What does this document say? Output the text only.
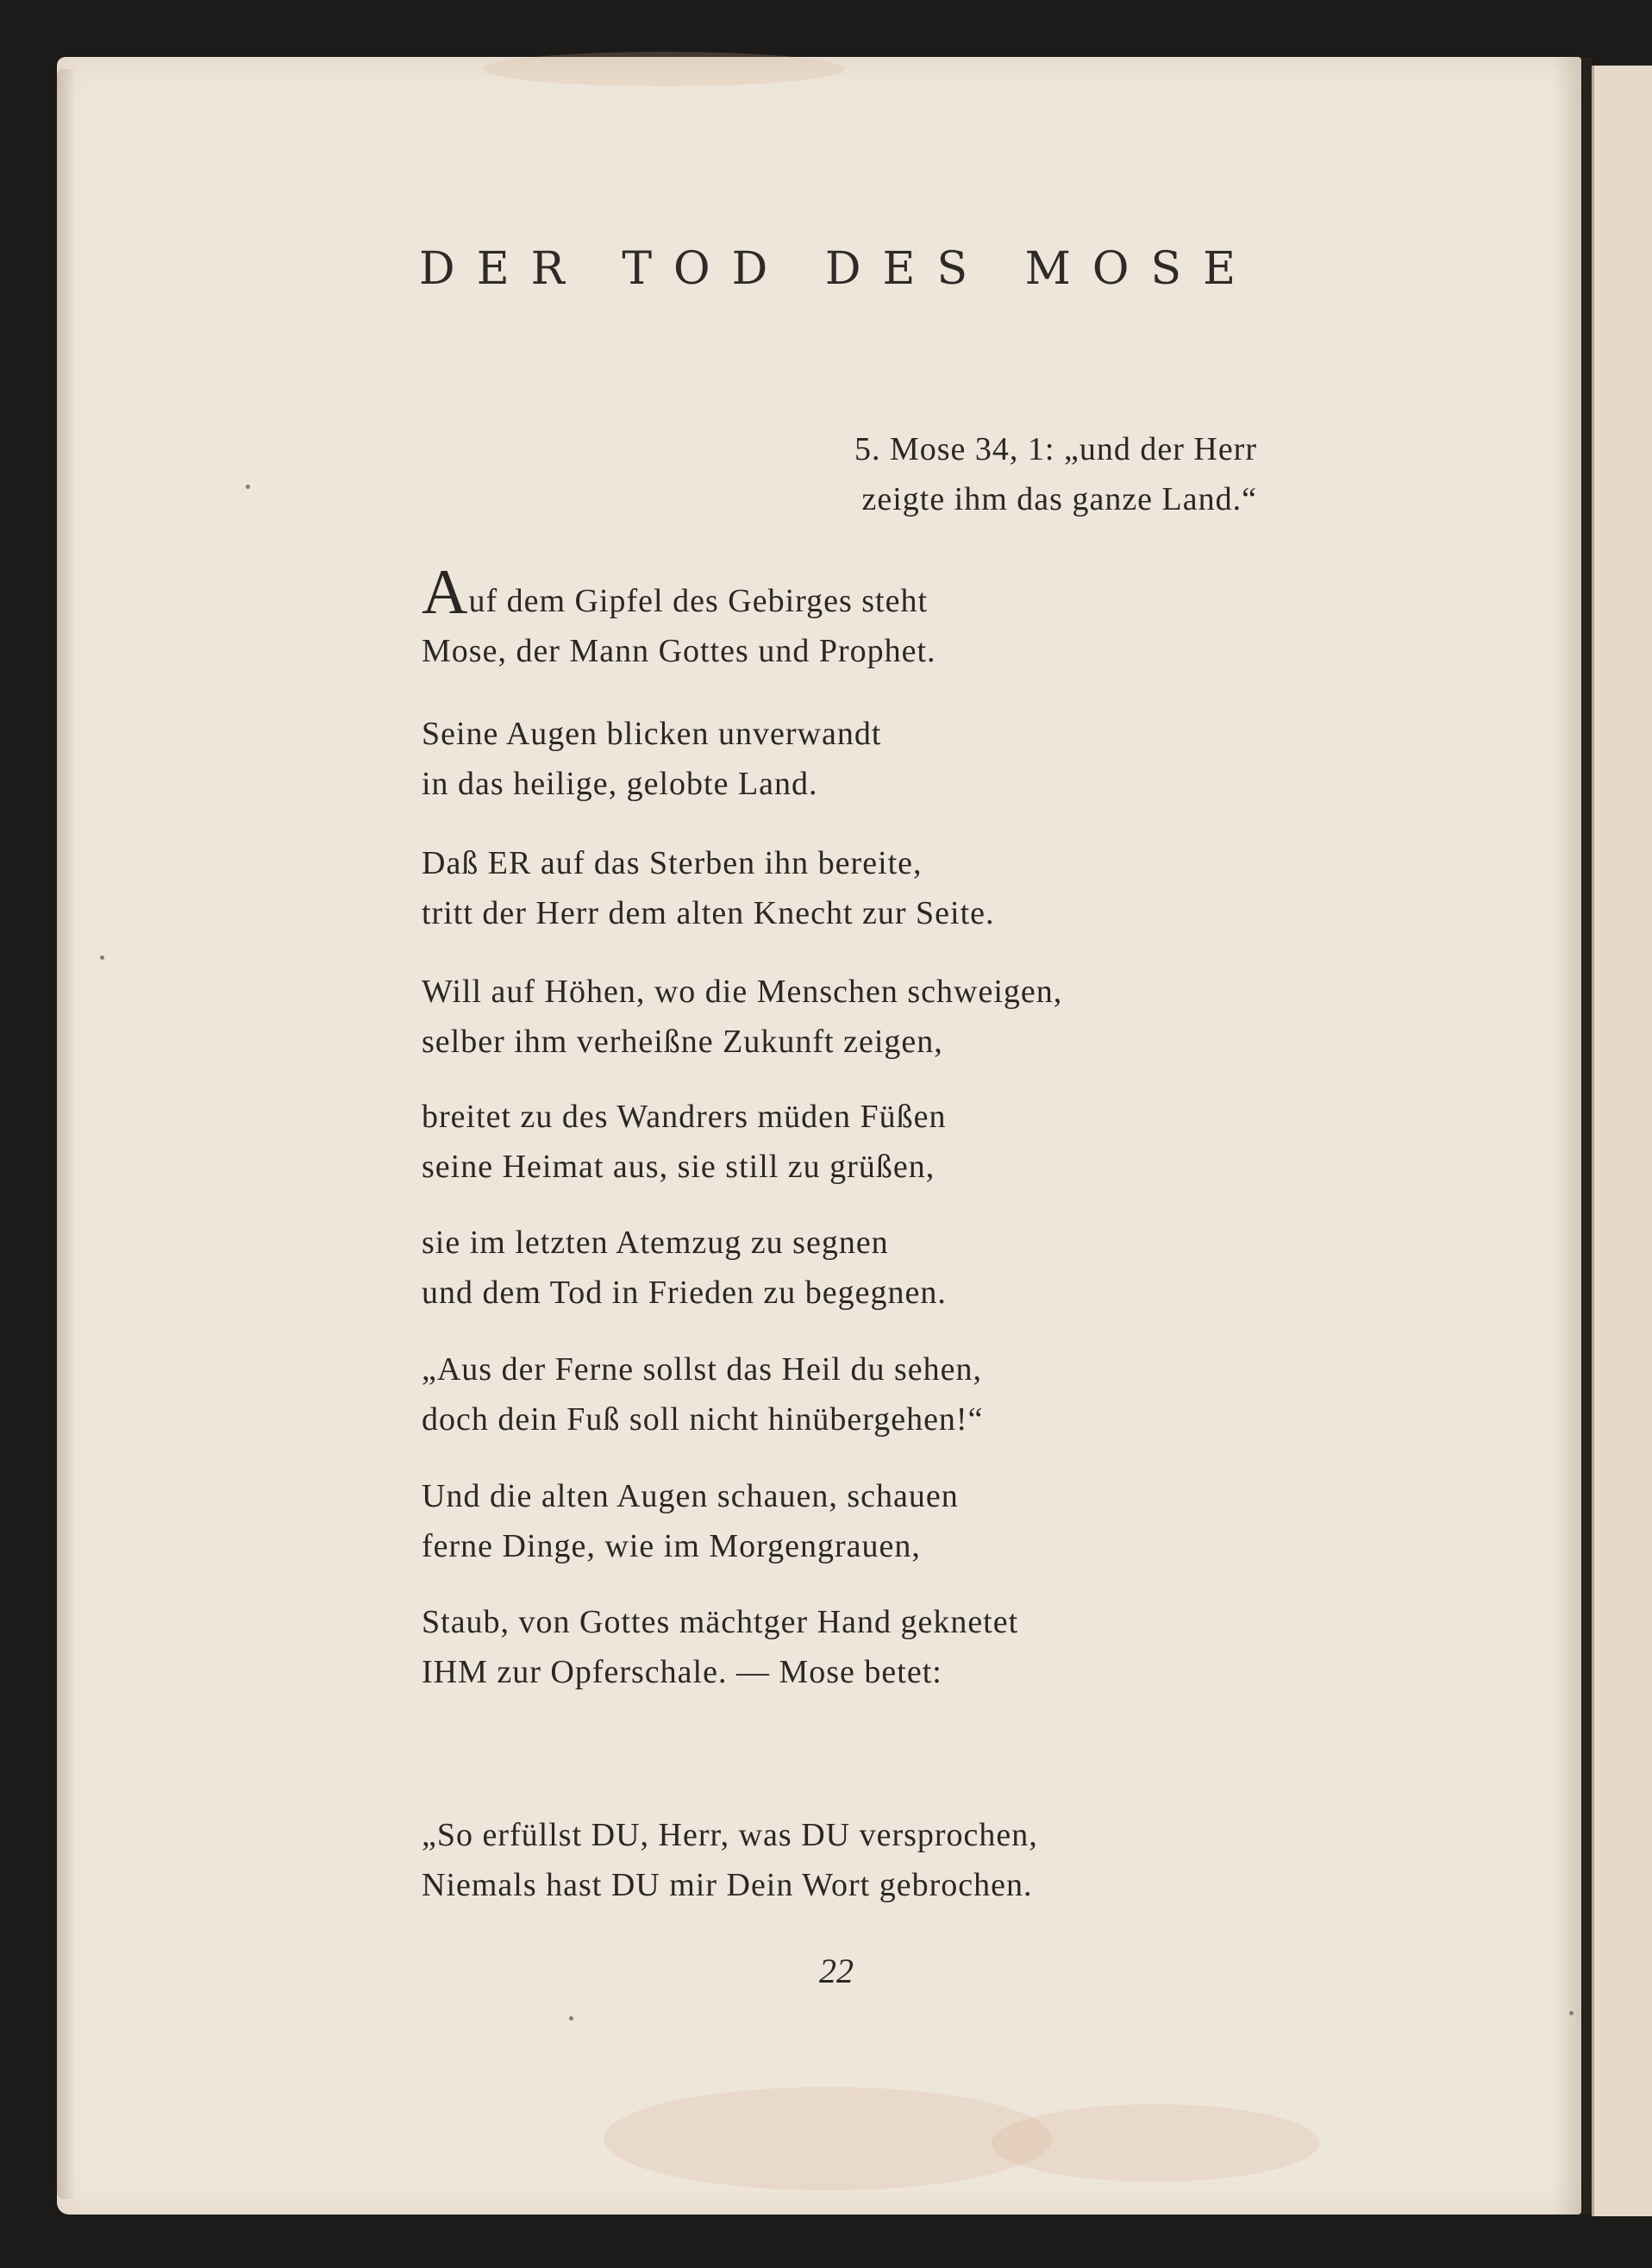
DER TOD DES MOSE
5. Mose 34, 1: „und der Herr
zeigte ihm das ganze Land.“
Auf dem Gipfel des Gebirges steht
Mose, der Mann Gottes und Prophet.
Seine Augen blicken unverwandt
in das heilige, gelobte Land.
Daß ER auf das Sterben ihn bereite,
tritt der Herr dem alten Knecht zur Seite.
Will auf Höhen, wo die Menschen schweigen,
selber ihm verheißne Zukunft zeigen,
breitet zu des Wandrers müden Füßen
seine Heimat aus, sie still zu grüßen,
sie im letzten Atemzug zu segnen
und dem Tod in Frieden zu begegnen.
„Aus der Ferne sollst das Heil du sehen,
doch dein Fuß soll nicht hinübergehen!“
Und die alten Augen schauen, schauen
ferne Dinge, wie im Morgengrauen,
Staub, von Gottes mächtger Hand geknetet
IHM zur Opferschale. — Mose betet:
„So erfüllst DU, Herr, was DU versprochen,
Niemals hast DU mir Dein Wort gebrochen.
22
